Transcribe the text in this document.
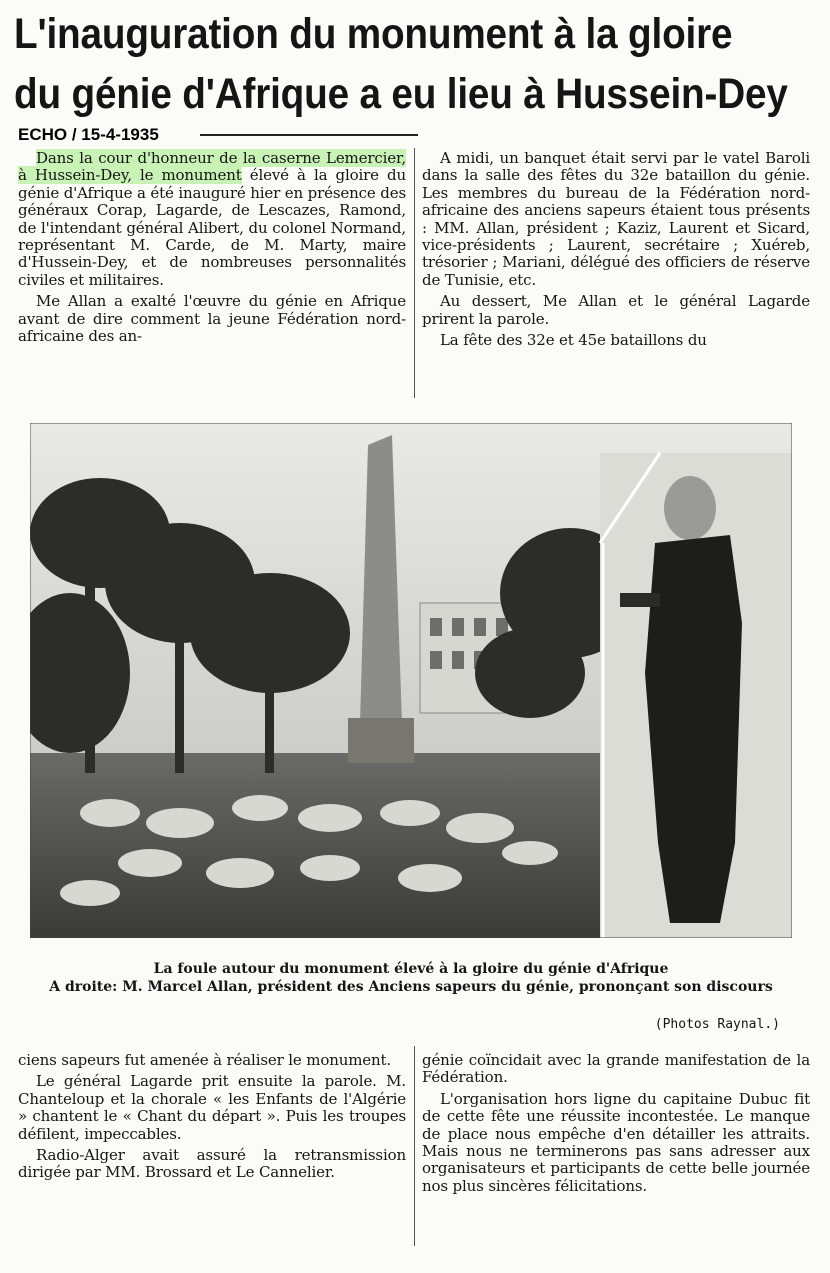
L'inauguration du monument à la gloire
du génie d'Afrique a eu lieu à Hussein-Dey
ECHO / 15-4-1935

Dans la cour d'honneur de la caserne Lemercier, à Hussein-Dey, le monument élevé à la gloire du génie d'Afrique a été inauguré hier en présence des généraux Corap, Lagarde, de Lescazes, Ramond, de l'intendant général Alibert, du colonel Normand, représentant M. Carde, de M. Marty, maire d'Hussein-Dey, et de nombreuses personnalités civiles et militaires.

Me Allan a exalté l'œuvre du génie en Afrique avant de dire comment la jeune Fédération nord-africaine des an-

A midi, un banquet était servi par le vatel Baroli dans la salle des fêtes du 32e bataillon du génie. Les membres du bureau de la Fédération nord-africaine des anciens sapeurs étaient tous présents : MM. Allan, président ; Kaziz, Laurent et Sicard, vice-présidents ; Laurent, secrétaire ; Xuéreb, trésorier ; Mariani, délégué des officiers de réserve de Tunisie, etc.

Au dessert, Me Allan et le général Lagarde prirent la parole.

La fête des 32e et 45e bataillons du

La foule autour du monument élevé à la gloire du génie d'Afrique
A droite: M. Marcel Allan, président des Anciens sapeurs du génie, prononçant son discours
(Photos Raynal.)

ciens sapeurs fut amenée à réaliser le monument.

Le général Lagarde prit ensuite la parole. M. Chanteloup et la chorale « les Enfants de l'Algérie » chantent le « Chant du départ ». Puis les troupes défilent, impeccables.

Radio-Alger avait assuré la retransmission dirigée par MM. Brossard et Le Cannelier.

génie coïncidait avec la grande manifestation de la Fédération.

L'organisation hors ligne du capitaine Dubuc fit de cette fête une réussite incontestée. Le manque de place nous empêche d'en détailler les attraits. Mais nous ne terminerons pas sans adresser aux organisateurs et participants de cette belle journée nos plus sincères félicitations.
